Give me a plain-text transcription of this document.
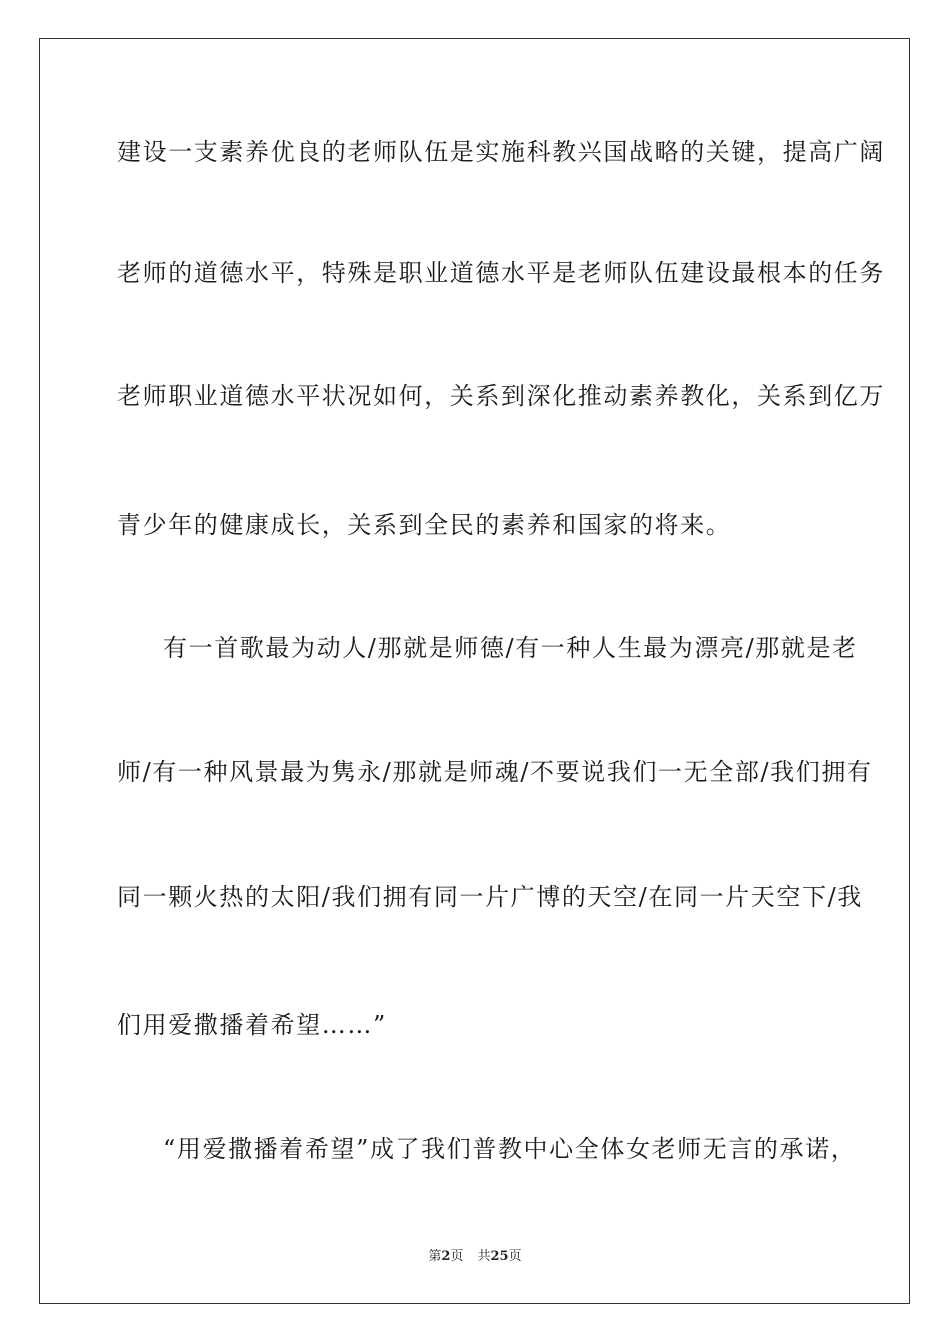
建设一支素养优良的老师队伍是实施科教兴国战略的关键，提高广阔
老师的道德水平，特殊是职业道德水平是老师队伍建设最根本的任务
老师职业道德水平状况如何，关系到深化推动素养教化，关系到亿万
青少年的健康成长，关系到全民的素养和国家的将来。
有一首歌最为动人/那就是师德/有一种人生最为漂亮/那就是老
师/有一种风景最为隽永/那就是师魂/不要说我们一无全部/我们拥有
同一颗火热的太阳/我们拥有同一片广博的天空/在同一片天空下/我
们用爱撒播着希望……”
“用爱撒播着希望”成了我们普教中心全体女老师无言的承诺，
第2页 共25页
